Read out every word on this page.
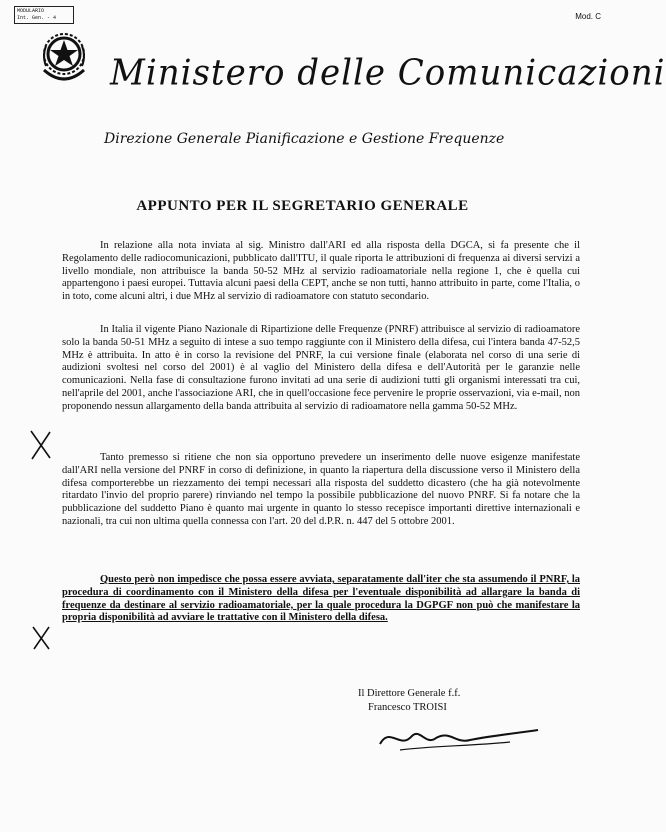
MODULARIO
Int. Gen. - 4	Mod. C
Ministero delle Comunicazioni
Direzione Generale Pianificazione e Gestione Frequenze
APPUNTO PER IL SEGRETARIO GENERALE

In relazione alla nota inviata al sig. Ministro dall'ARI ed alla risposta della DGCA, si fa presente che il Regolamento delle radiocomunicazioni, pubblicato dall'ITU, il quale riporta le attribuzioni di frequenza ai diversi servizi a livello mondiale, non attribuisce la banda 50-52 MHz al servizio radioamatoriale nella regione 1, che è quella cui appartengono i paesi europei. Tuttavia alcuni paesi della CEPT, anche se non tutti, hanno attribuito in parte, come l'Italia, o in toto, come alcuni altri, i due MHz al servizio di radioamatore con statuto secondario.

In Italia il vigente Piano Nazionale di Ripartizione delle Frequenze (PNRF) attribuisce al servizio di radioamatore solo la banda 50-51 MHz a seguito di intese a suo tempo raggiunte con il Ministero della difesa, cui l'intera banda 47-52,5 MHz è attribuita. In atto è in corso la revisione del PNRF, la cui versione finale (elaborata nel corso di una serie di audizioni svoltesi nel corso del 2001) è al vaglio del Ministero della difesa e dell'Autorità per le garanzie nelle comunicazioni. Nella fase di consultazione furono invitati ad una serie di audizioni tutti gli organismi interessati tra cui, nell'aprile del 2001, anche l'associazione ARI, che in quell'occasione fece pervenire le proprie osservazioni, via e-mail, non proponendo nessun allargamento della banda attribuita al servizio di radioamatore nella gamma 50-52 MHz.

Tanto premesso si ritiene che non sia opportuno prevedere un inserimento delle nuove esigenze manifestate dall'ARI nella versione del PNRF in corso di definizione, in quanto la riapertura della discussione verso il Ministero della difesa comporterebbe un riezzamento dei tempi necessari alla risposta del suddetto dicastero (che ha già notevolmente ritardato l'invio del proprio parere) rinviando nel tempo la possibile pubblicazione del nuovo PNRF. Si fa notare che la pubblicazione del suddetto Piano è quanto mai urgente in quanto lo stesso recepisce importanti direttive internazionali e nazionali, tra cui non ultima quella connessa con l'art. 20 del d.P.R. n. 447 del 5 ottobre 2001.

Questo però non impedisce che possa essere avviata, separatamente dall'iter che sta assumendo il PNRF, la procedura di coordinamento con il Ministero della difesa per l'eventuale disponibilità ad allargare la banda di frequenze da destinare al servizio radioamatoriale, per la quale procedura la DGPGF non può che manifestare la propria disponibilità ad avviare le trattative con il Ministero della difesa.

Il Direttore Generale f.f.
Francesco TROISI
